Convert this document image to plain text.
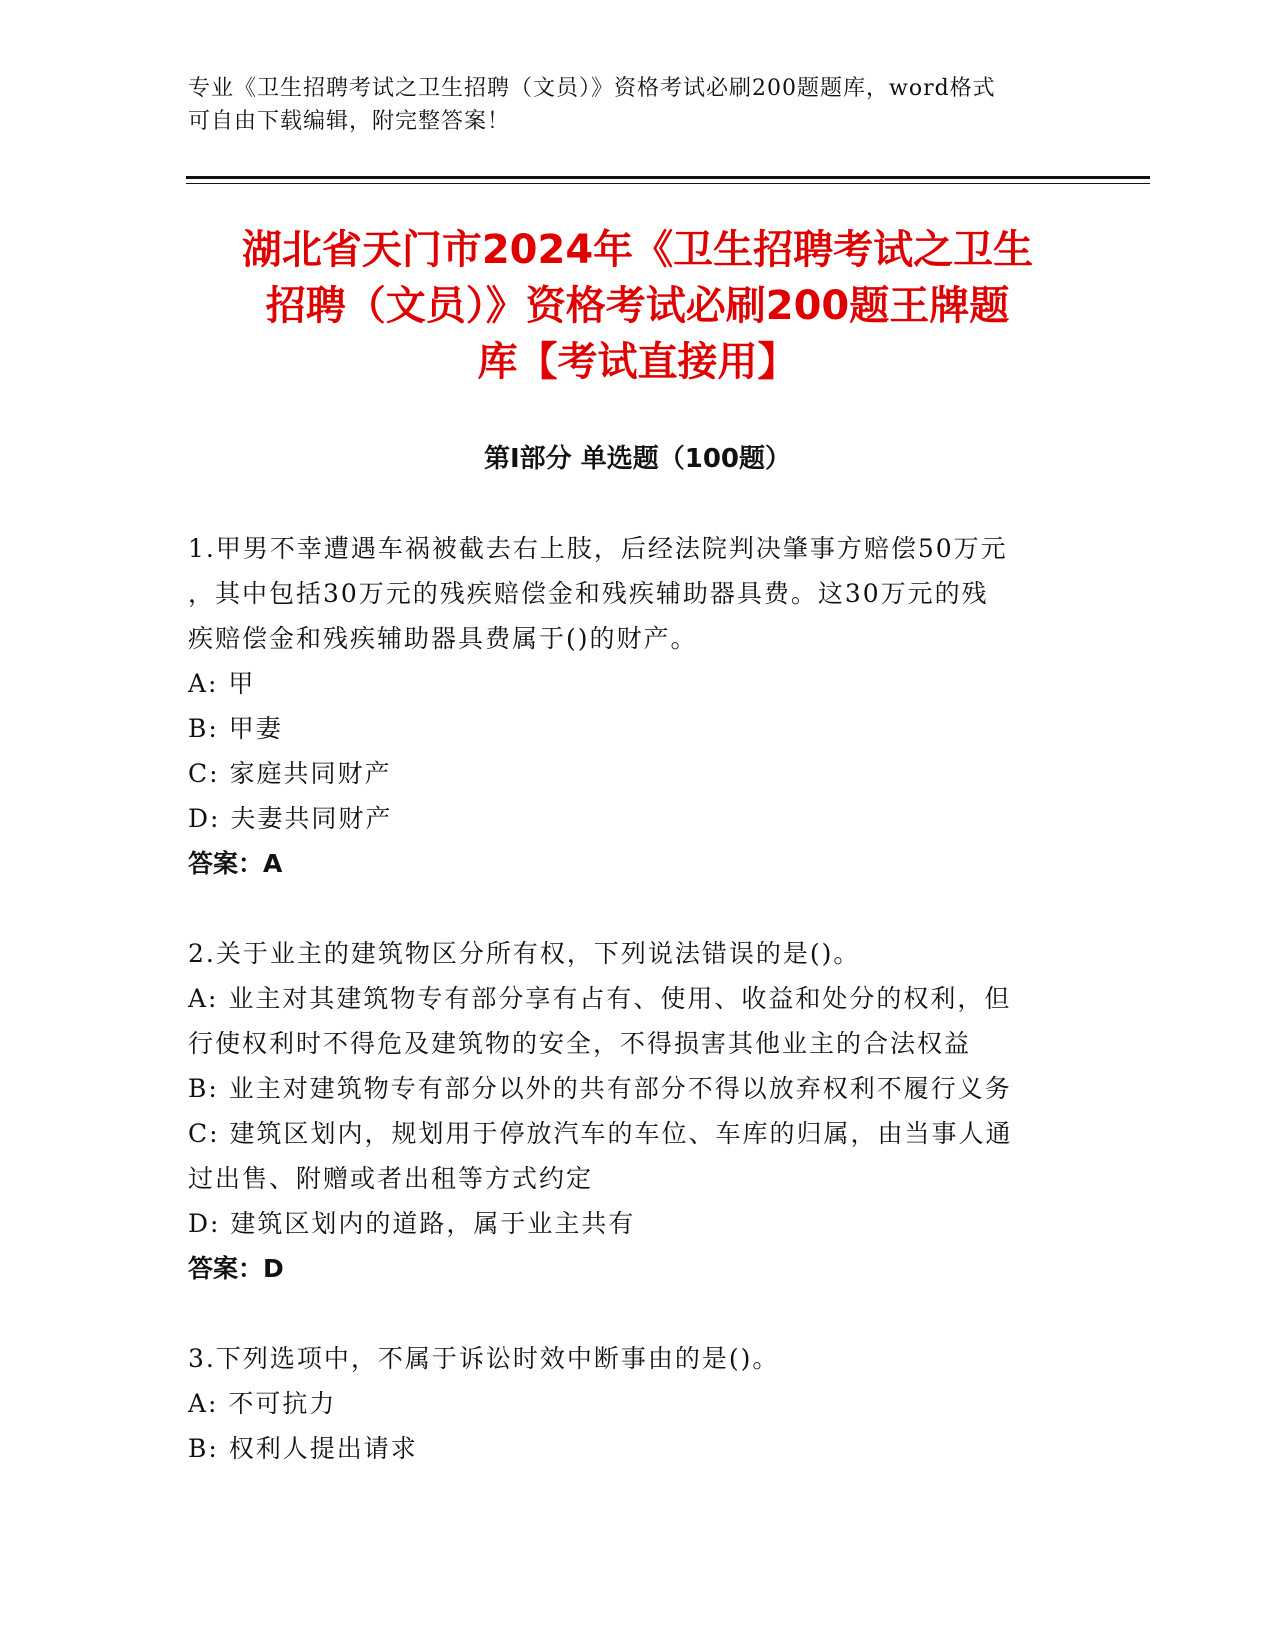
专业《卫生招聘考试之卫生招聘（文员）》资格考试必刷200题题库，word格式
可自由下载编辑，附完整答案！
湖北省天门市2024年《卫生招聘考试之卫生
招聘（文员）》资格考试必刷200题王牌题
库【考试直接用】
第Ⅰ部分 单选题（100题）

1.甲男不幸遭遇车祸被截去右上肢，后经法院判决肇事方赔偿50万元

，其中包括30万元的残疾赔偿金和残疾辅助器具费。这30万元的残

疾赔偿金和残疾辅助器具费属于()的财产。

A: 甲

B: 甲妻

C: 家庭共同财产

D: 夫妻共同财产

答案：A

2.关于业主的建筑物区分所有权，下列说法错误的是()。

A: 业主对其建筑物专有部分享有占有、使用、收益和处分的权利，但

行使权利时不得危及建筑物的安全，不得损害其他业主的合法权益

B: 业主对建筑物专有部分以外的共有部分不得以放弃权利不履行义务

C: 建筑区划内，规划用于停放汽车的车位、车库的归属，由当事人通

过出售、附赠或者出租等方式约定

D: 建筑区划内的道路，属于业主共有

答案：D

3.下列选项中，不属于诉讼时效中断事由的是()。

A: 不可抗力

B: 权利人提出请求
